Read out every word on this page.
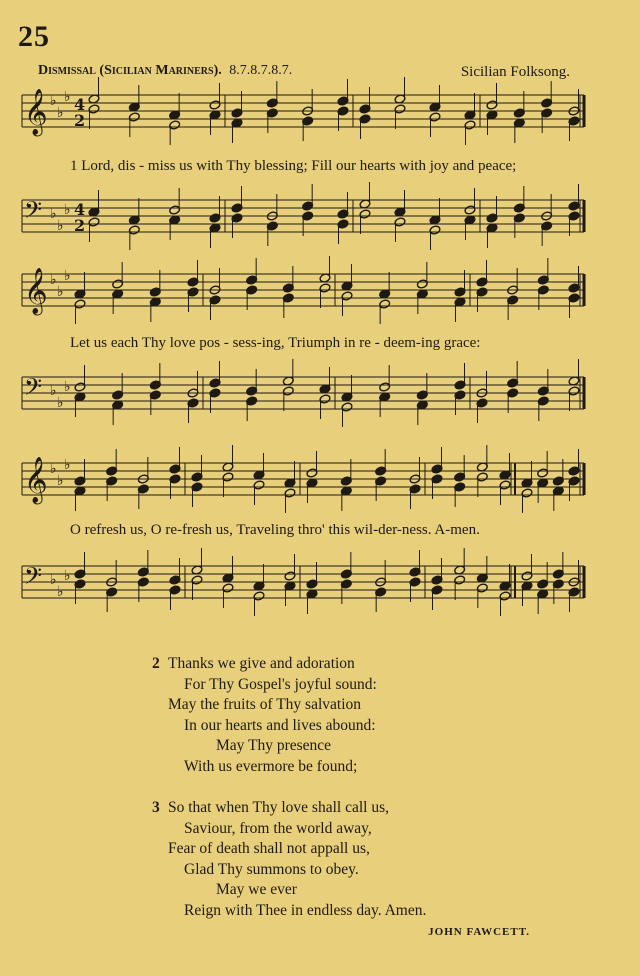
25
Dismissal (Sicilian Mariners). 8.7.8.7.8.7.	Sicilian Folksong.
𝄞 ♭
♭
♭ 4
2
𝄢 ♭
♭
♭ 4
2
𝄞 ♭
♭
♭
𝄢 ♭
♭
♭
𝄞 ♭
♭
♭
𝄢 ♭
♭
♭
1 Lord, dis - miss us with Thy blessing; Fill our hearts with joy and peace;
Let us each Thy love pos - sess-ing, Triumph in re - deem-ing grace:
O refresh us, O re-fresh us, Traveling thro' this wil-der-ness. A-men.
2 Thanks we give and adoration
For Thy Gospel's joyful sound:
May the fruits of Thy salvation
In our hearts and lives abound:
May Thy presence
With us evermore be found;
3 So that when Thy love shall call us,
Saviour, from the world away,
Fear of death shall not appall us,
Glad Thy summons to obey.
May we ever
Reign with Thee in endless day. Amen.
JOHN FAWCETT.
